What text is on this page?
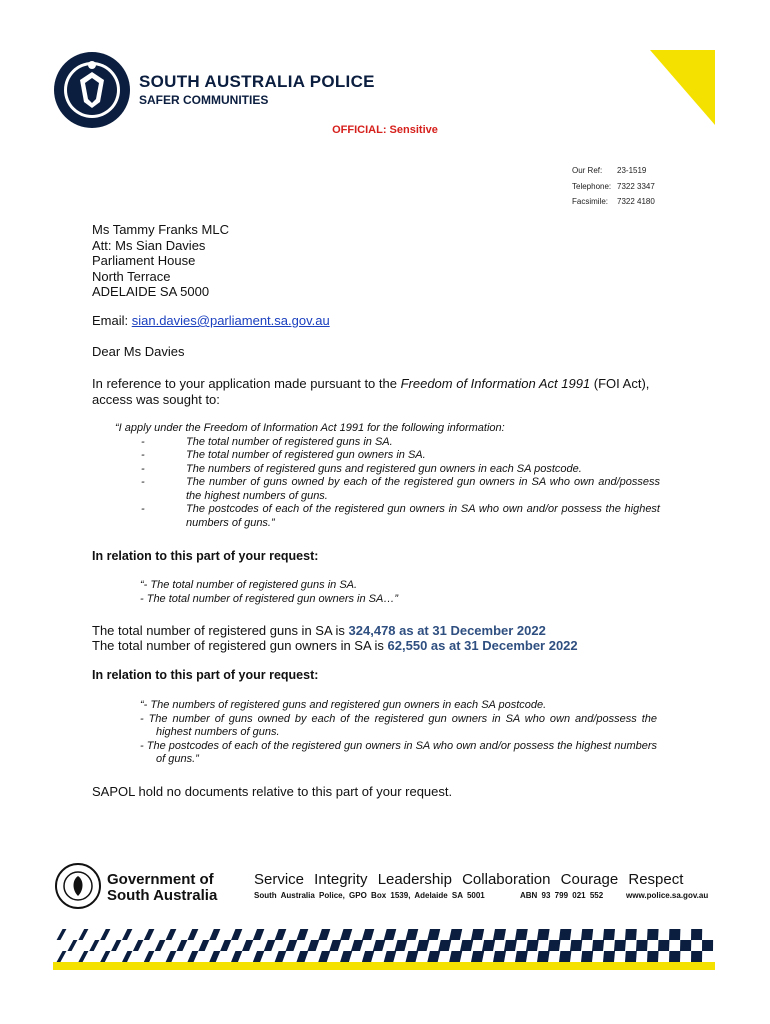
SOUTH AUSTRALIA POLICE
SAFER COMMUNITIES
OFFICIAL: Sensitive
Our Ref: 23-1519
Telephone: 7322 3347
Facsimile: 7322 4180
Ms Tammy Franks MLC
Att: Ms Sian Davies
Parliament House
North Terrace
ADELAIDE SA 5000
Email: sian.davies@parliament.sa.gov.au
Dear Ms Davies
In reference to your application made pursuant to the Freedom of Information Act 1991 (FOI Act), access was sought to:
“I apply under the Freedom of Information Act 1991 for the following information:
-	The total number of registered guns in SA.
-	The total number of registered gun owners in SA.
-	The numbers of registered guns and registered gun owners in each SA postcode.
-	The number of guns owned by each of the registered gun owners in SA who own and/possess the highest numbers of guns.
-	The postcodes of each of the registered gun owners in SA who own and/or possess the highest numbers of guns.”
In relation to this part of your request:
“- The total number of registered guns in SA.
- The total number of registered gun owners in SA…”
The total number of registered guns in SA is 324,478 as at 31 December 2022
The total number of registered gun owners in SA is 62,550 as at 31 December 2022
In relation to this part of your request:
“- The numbers of registered guns and registered gun owners in each SA postcode.
- The number of guns owned by each of the registered gun owners in SA who own and/possess the highest numbers of guns.
- The postcodes of each of the registered gun owners in SA who own and/or possess the highest numbers of guns.”
SAPOL hold no documents relative to this part of your request.
Government of
South Australia
Service Integrity Leadership Collaboration Courage Respect
South Australia Police, GPO Box 1539, Adelaide SA 5001	ABN 93 799 021 552	www.police.sa.gov.au
